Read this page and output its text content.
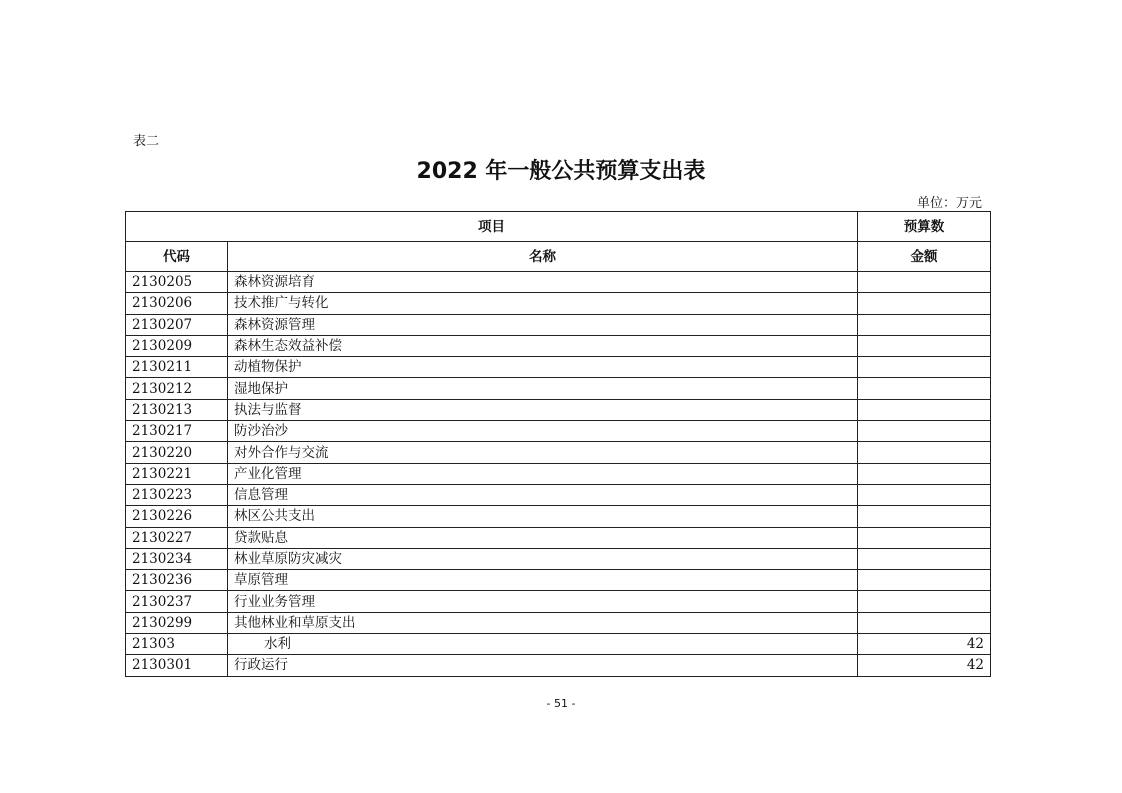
表二
2022 年一般公共预算支出表
单位：万元
项目		预算数
代码	名称	金额
2130205	森林资源培育	
2130206	技术推广与转化	
2130207	森林资源管理	
2130209	森林生态效益补偿	
2130211	动植物保护	
2130212	湿地保护	
2130213	执法与监督	
2130217	防沙治沙	
2130220	对外合作与交流	
2130221	产业化管理	
2130223	信息管理	
2130226	林区公共支出	
2130227	贷款贴息	
2130234	林业草原防灾减灾	
2130236	草原管理	
2130237	行业业务管理	
2130299	其他林业和草原支出	
21303	水利	42
2130301	行政运行	42
- 51 -
